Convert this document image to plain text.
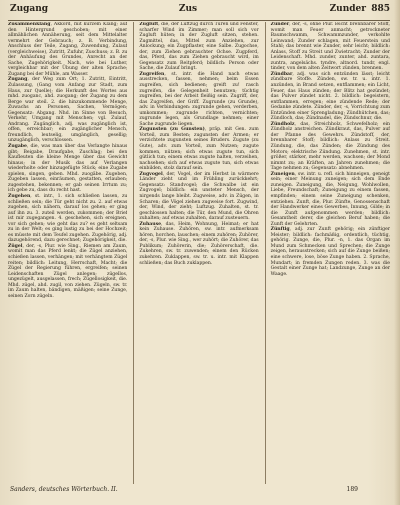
Zugang	Zus	Zunder 885

Zusammenklang, Akkord, mit kurzem Klang; auf den Hintergrund geschoben; mit einer allmählichen Annäherung, seit dem Mittelalter vermehrt der Gebrauch; z. B. Verbindung, Anschluss der Teile, Zugang, Zuwendung, Zulauf (vergleichweise), Zutritt, Zufuhr, Zuschuss; z. B. zu der Anhäufung des Grundes, Anrecht an der Sache, Zugehörigkeit. Nach, wie bei Luther, vergleichbar mit der Übung der alten Sprache; Zugang bei der Mühle, am Wasser.

Zugang, der Weg zum Ort; 1. Zutritt, Eintritt, Zulassung, (Gang vom Anfang zur Stadt, zum Haus, zur Quelle); die Herkunft des Wortes aus mhd. zuoganc, ahd. zuogang; der Zugang zu dem Berge war steil. 2. die hinzukommende Menge, Zuwachs an Personen, Sachen, Vermögen; Gegensatz: Abgang. Nhd. im Sinne von Besuch, Verkehr, Umgang mit Menschen; vgl. Zulauf, Andrang. Zugänglich, adj. was zugänglich ist, offen, erreichbar; ein zugänglicher Mensch, freundlich, leutselig, umgänglich, gesellig; unzugänglich, verschlossen.

Zugabe, die, was man über das Verlangte hinaus gibt; Beigabe, Draufgabe, Zuschlag; bei den Kaufleuten die kleine Menge über das Gewicht hinaus; in der Musik das auf Verlangen wiederholte oder hinzugefügte Stück; eine Zugabe spielen, singen, geben. Mhd. zuogâbe. Zugeben, Zugeben lassen, einräumen, gestatten, erlauben; zugestehen, bekennen; er gab seinen Irrtum zu; ich gebe zu, dass du recht hast.

Zugehen, st. intr., 1. sich schließen lassen, zu schließen sein; die Tür geht nicht zu. 2. auf etwas zugehen, sich nähern, darauf los gehen; er ging auf ihn zu. 3. zuteil werden, zukommen; der Brief ist mir zugegangen. 4. geschehen, sich ereignen, vor sich gehen; wie geht das zu? es geht seltsam zu in der Welt; es ging lustig zu bei der Hochzeit; es müsste mit dem Teufel zugehen. Zugehörig, adj. dazugehörend, dazu gerechnet; Zugehörigkeit, die.

Zügel, der, -s, Plur. wie Sing., Riemen am Zaum, womit man das Pferd lenkt; die Zügel anziehen, schießen lassen, verhängen; mit verhängtem Zügel reiten; bildlich: Leitung, Herrschaft, Macht; die Zügel der Regierung führen, ergreifen; seinen Leidenschaften Zügel anlegen; zügellos, ungezügelt, ausgelassen, frech; Zügellosigkeit, die. Mhd. zügel, ahd. zugil, von ziehen. Zügeln, sw. tr. im Zaum halten, bändigen, mäßigen; seine Zunge, seinen Zorn zügeln.

Zugluft, die, der Luftzug durch Türen und Fenster, scharfer Wind im Zimmer; man soll sich vor Zugluft hüten; in der Zugluft sitzen, stehen. Zugmittel, das, Mittel zum Anziehen, zur Anlockung; ein Zugpflaster, eine Salbe. Zugochse, der, zum Ziehen gebrauchter Ochse. Zugpferd, das, Pferd, das zum Ziehen gebraucht wird, im Gegensatz zum Reitpferd; bildlich: Person oder Sache, die Zulauf bringt.

Zugreifen, st. intr. die Hand nach etwas ausstrecken, fassen, nehmen; beim Essen zugreifen, sich bedienen; greift zu! rasch zugreifen, die Gelegenheit benutzen; tüchtig zugreifen, bei der Arbeit fleißig sein. Zugriff, der, das Zugreifen, der Griff. Zugrunde (zu Grunde), adv. in Verbindungen: zugrunde gehen, verderben, umkommen; zugrunde richten, vernichten; zugrunde legen, als Grundlage nehmen; einer Sache zugrunde liegen.

Zugunsten (zu Gunsten), präp. mit Gen. zum Vorteil, zum Besten; zugunsten der Armen; er verzichtete zugunsten seines Bruders. Zugute (zu Gute), adv. zum Vorteil, zum Nutzen; zugute kommen, nützen; sich etwas zugute tun, sich gütlich tun; einem etwas zugute halten, verzeihen, nachsehen; sich auf etwas zugute tun, sich etwas einbilden, stolz darauf sein.

Zugvogel, der, Vogel, der im Herbst in wärmere Länder zieht und im Frühling zurückkehrt; Gegensatz: Standvogel; die Schwalbe ist ein Zugvogel; bildlich: ein unsteter Mensch, der nirgends lange bleibt. Zugweise, adv. in Zügen, in Scharen; die Vögel ziehen zugweise fort. Zugwind, der, Wind, der zieht; Luftzug. Zuhalten, st. tr. geschlossen halten; die Tür, den Mund, die Ohren zuhalten; auf etwas zuhalten, darauf zusteuern.

Zuhause, das, Heim, Wohnung, Heimat; er hat kein Zuhause. Zuhören, sw. intr. aufmerksam hören, horchen, lauschen; einem zuhören; Zuhörer, der, -s, Plur. wie Sing., wer zuhört; die Zuhörer, das Publikum; Zuhörerin, die; Zuhörerschaft, die. Zukehren, sw. tr. zuwenden; einem den Rücken zukehren. Zuklappen, sw. tr. u. intr. mit Klappen schließen; das Buch zuklappen.

Zunder, der, -s, ohne Plur. leicht brennbarer Stoff, womit man Feuer anmacht; getrockneter Baumschwamm, Schwammzunder, verkohlte Leinwand; Zunder schlagen, mit Feuerstein und Stahl; das brennt wie Zunder, sehr leicht; bildlich: Anlass, Stoff zu Streit und Zwietracht; Zunder der Leidenschaft. Mhd. zunder, zunter, ahd. zuntara, zuntra, angelsächs. tyndre, altnord. tundr, engl. tinder, von dem alten Zeitwort zünden, brennen.

Zündbar, adj. was sich entzünden lässt; leicht zündbare Stoffe. Zünden, sw. tr. u. intr. 1. anzünden, in Brand setzen, entflammen; ein Licht, Feuer, das Haus zünden; der Blitz hat gezündet; das Pulver zündet nicht. 2. bildlich: begeistern, entflammen, erregen; eine zündende Rede; der Gedanke zündete. Zünder, der, -s, Vorrichtung zum Entzünden einer Sprengladung; Zündhütchen, das; Zündloch, das; Zündnadel, die; Zündschnur, die.

Zündholz, das, Streichholz, Schwefelholz; ein Zündholz anstreichen. Zündkraut, das, Pulver auf der Pfanne des Gewehrs. Zündstoff, der, brennbarer Stoff; bildlich: Anlass zu Streit. Zündung, die, das Zünden; die Zündung des Motors; elektrische Zündung. Zunehmen, st. intr. größer, stärker, mehr werden, wachsen; der Mond nimmt zu; an Kräften, an Jahren zunehmen; die Tage nehmen zu; Gegensatz: abnehmen.

Zuneigen, sw. intr. u. refl. sich hinneigen, geneigt sein; einer Meinung zuneigen; sich dem Ende zuneigen. Zuneigung, die, Neigung, Wohlwollen, Liebe, Freundschaft; Zuneigung zu einem fassen, empfinden; einem seine Zuneigung schenken, entziehen. Zunft, die, Plur. Zünfte, Genossenschaft der Handwerker eines Gewerbes, Innung, Gilde; in die Zunft aufgenommen werden; bildlich: Gesamtheit derer, die gleichen Beruf haben; die Zunft der Gelehrten.

Zünftig, adj. zur Zunft gehörig; ein zünftiger Meister; bildlich: fachmäßig, ordentlich, tüchtig, gehörig. Zunge, die, Plur. -n, 1. das Organ im Mund zum Schmecken und Sprechen; die Zunge zeigen, herausstrecken; sich auf die Zunge beißen; eine schwere, lose, böse Zunge haben. 2. Sprache, Mundart; in fremden Zungen reden. 3. was die Gestalt einer Zunge hat; Landzunge, Zunge an der Waage.

Sanders, deutsches Wörterbuch. II.	189
